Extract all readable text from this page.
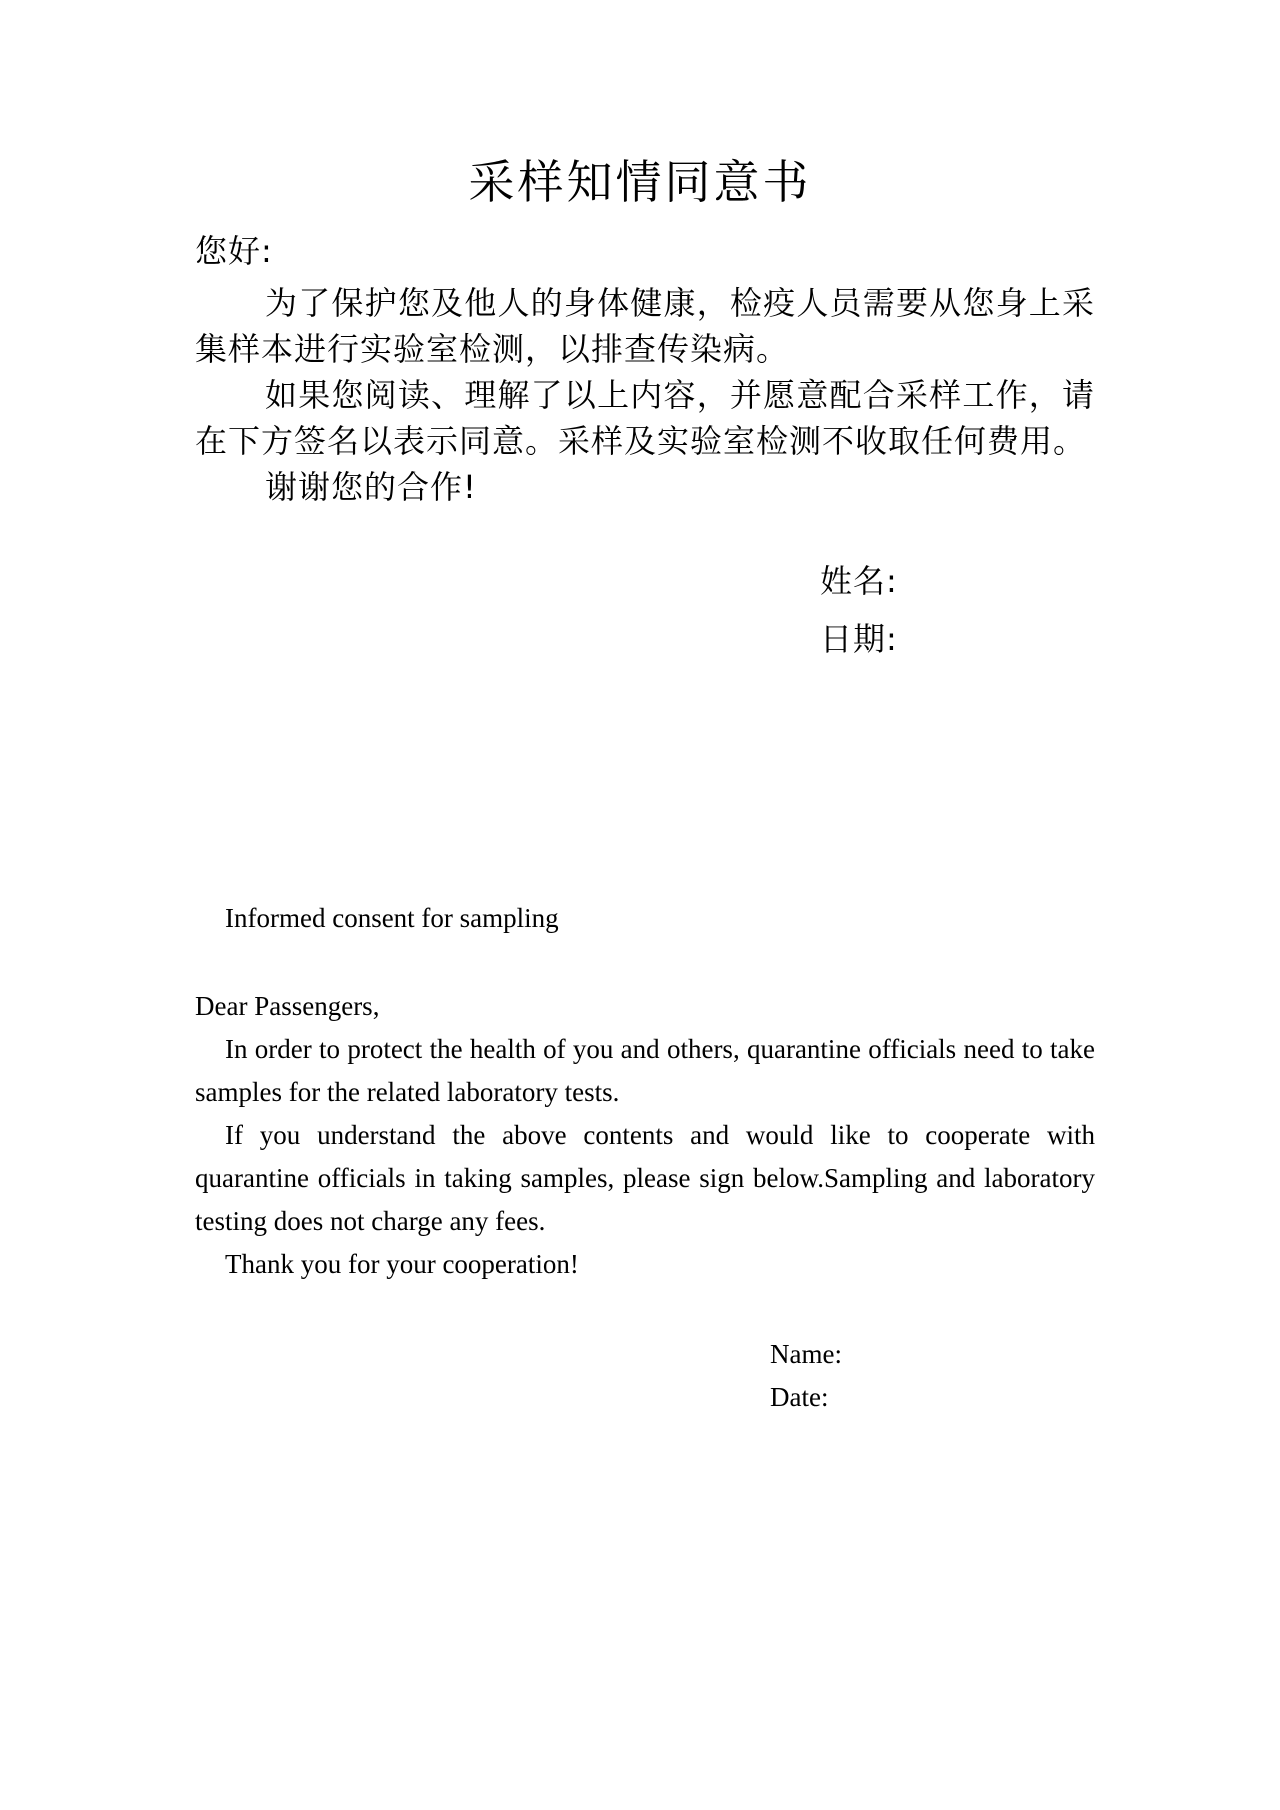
采样知情同意书
您好:

为了保护您及他人的身体健康，检疫人员需要从您身上采集样本进行实验室检测，以排查传染病。

如果您阅读、理解了以上内容，并愿意配合采样工作，请在下方签名以表示同意。采样及实验室检测不收取任何费用。

谢谢您的合作!

姓名:
日期:
Informed consent for sampling

Dear Passengers,

In order to protect the health of you and others, quarantine officials need to take samples for the related laboratory tests.

If you understand the above contents and would like to cooperate with quarantine officials in taking samples, please sign below.Sampling and laboratory testing does not charge any fees.

Thank you for your cooperation!

Name:
Date:
